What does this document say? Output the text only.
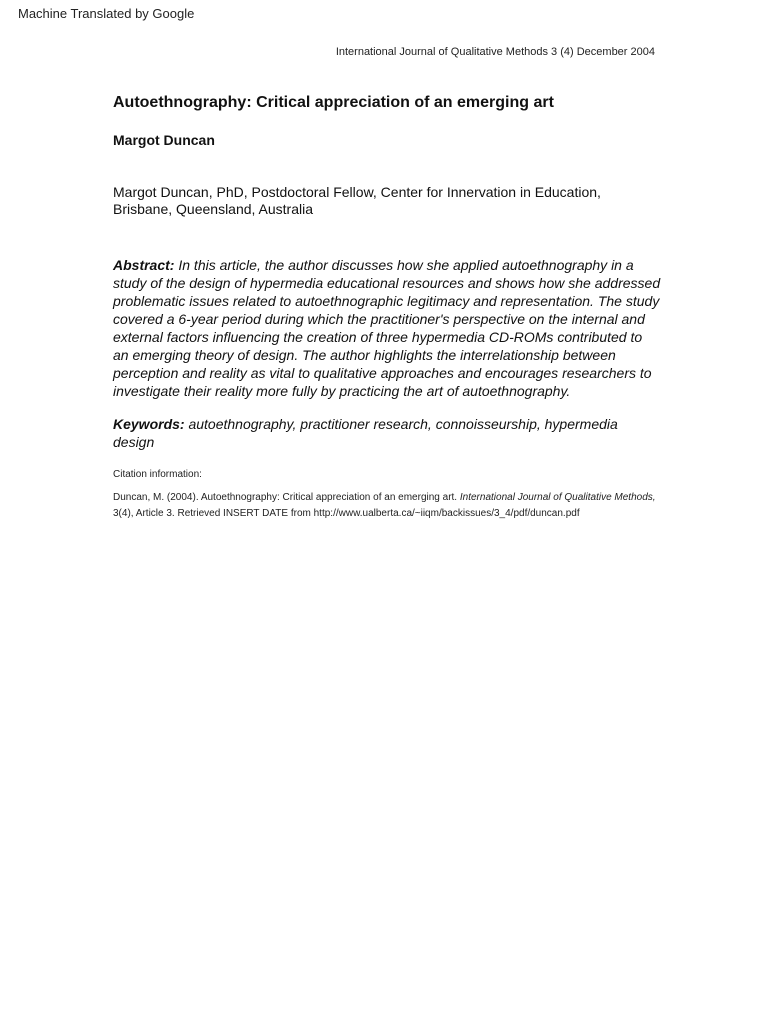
Machine Translated by Google
International Journal of Qualitative Methods 3 (4) December 2004
Autoethnography: Critical appreciation of an emerging art

Margot Duncan

Margot Duncan, PhD, Postdoctoral Fellow, Center for Innervation in Education, Brisbane, Queensland, Australia

Abstract: In this article, the author discusses how she applied autoethnography in a study of the design of hypermedia educational resources and shows how she addressed problematic issues related to autoethnographic legitimacy and representation. The study covered a 6-year period during which the practitioner's perspective on the internal and external factors influencing the creation of three hypermedia CD-ROMs contributed to an emerging theory of design. The author highlights the interrelationship between perception and reality as vital to qualitative approaches and encourages researchers to investigate their reality more fully by practicing the art of autoethnography.

Keywords: autoethnography, practitioner research, connoisseurship, hypermedia design

Citation information:

Duncan, M. (2004). Autoethnography: Critical appreciation of an emerging art. International Journal of Qualitative Methods, 3(4), Article 3. Retrieved INSERT DATE from http://www.ualberta.ca/~iiqm/backissues/3_4/pdf/duncan.pdf
